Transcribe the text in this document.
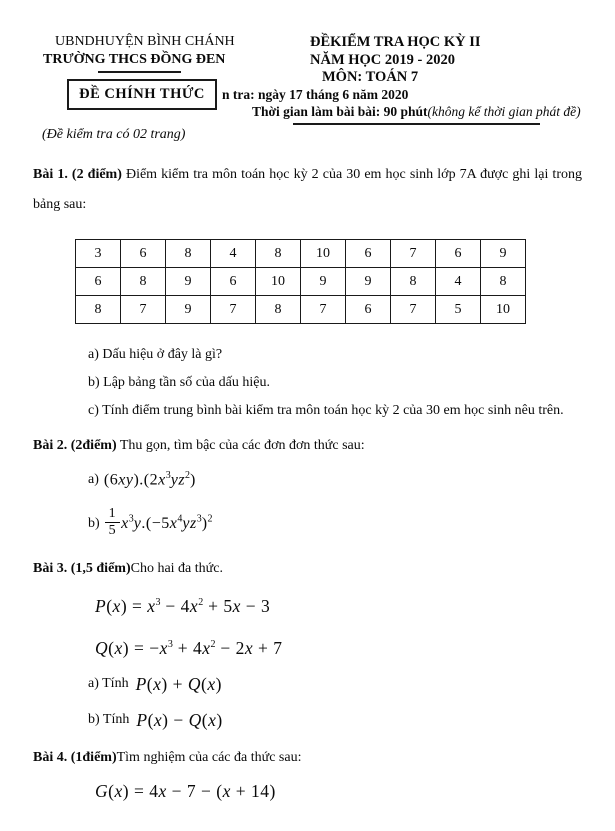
UBNDHUYỆN BÌNH CHÁNH
TRƯỜNG THCS ĐỒNG ĐEN
ĐỀKIỂM TRA HỌC KỲ II
NĂM HỌC 2019 - 2020
MÔN: TOÁN 7
n tra: ngày 17 tháng 6 năm 2020
Thời gian làm bài bài: 90 phút(không kể thời gian phát đề)
ĐỀ CHÍNH THỨC
(Đề kiểm tra có 02 trang)

Bài 1. (2 điểm) Điểm kiểm tra môn toán học kỳ 2 của 30 em học sinh lớp 7A được ghi lại trong bảng sau:

3	6	8	4	8	10	6	7	6	9
6	8	9	6	10	9	9	8	4	8
8	7	9	7	8	7	6	7	5	10

a) Dấu hiệu ở đây là gì?

b) Lập bảng tần số của dấu hiệu.

c) Tính điểm trung bình bài kiểm tra môn toán học kỳ 2 của 30 em học sinh nêu trên.

Bài 2. (2điểm) Thu gọn, tìm bậc của các đơn đơn thức sau:

a) $(6xy).(2x^3yz^2)$
$b) \frac{1}{5} x^3y.(-5x^4yz^3)^2$

Bài 3. (1,5 điểm)Cho hai đa thức.

$P(x) = x^3 - 4x^2 + 5x - 3$
$Q(x) = -x^3 + 4x^2 - 2x + 7$
a) Tính P(x) + Q(x)
b) Tính P(x) − Q(x)

Bài 4. (1điểm)Tìm nghiệm của các đa thức sau:

G(x) = 4x − 7 − (x + 14)
